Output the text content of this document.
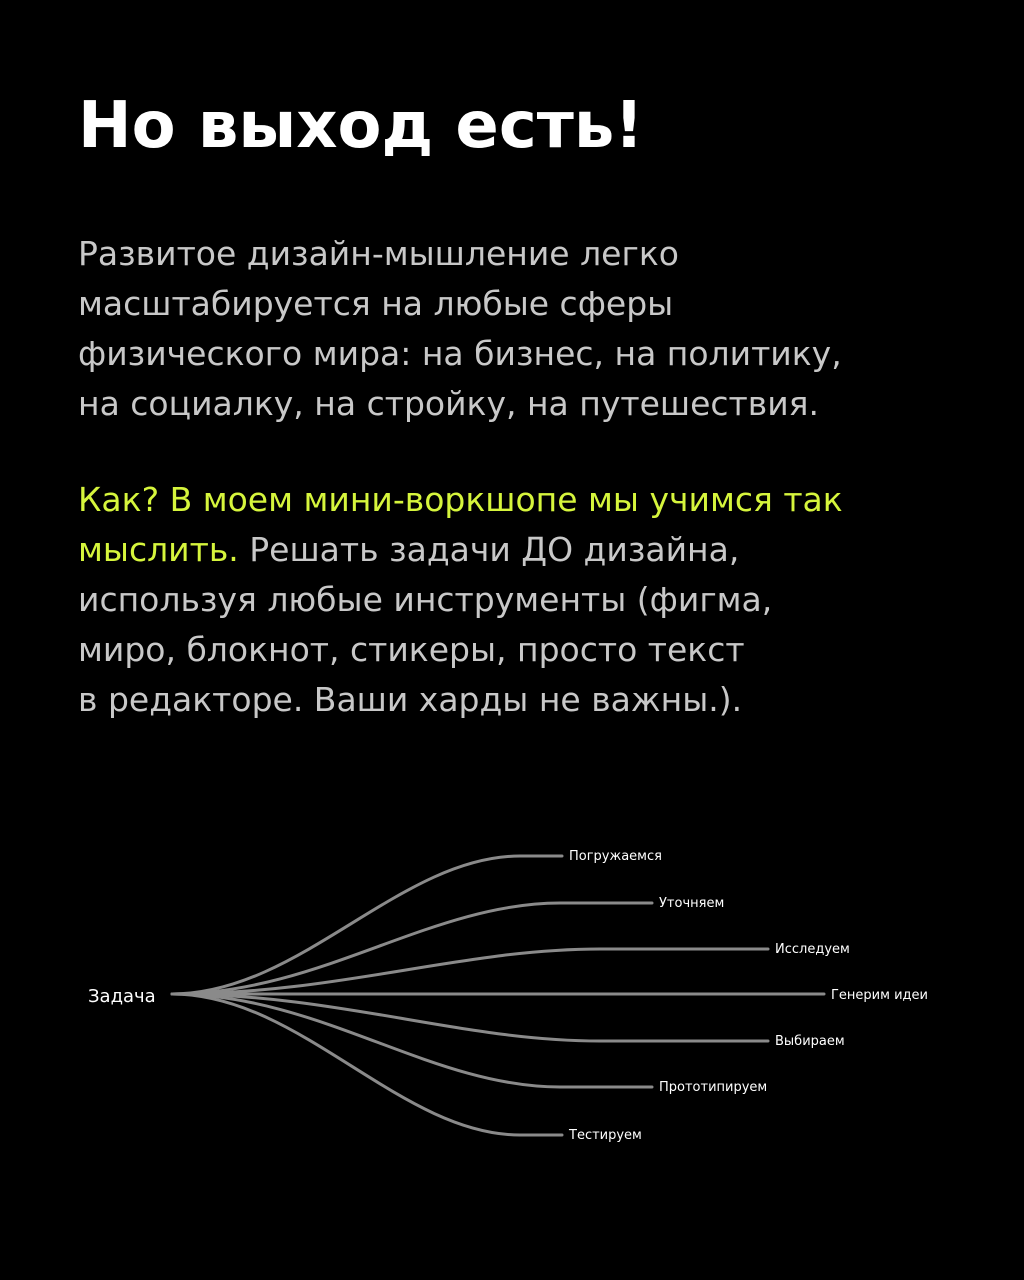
Но выход есть!

Развитое дизайн-мышление легко
масштабируется на любые сферы
физического мира: на бизнес, на политику,
на социалку, на стройку, на путешествия.

Как? В моем мини-воркшопе мы учимся так
мыслить. Решать задачи ДО дизайна,
используя любые инструменты (фигма,
миро, блокнот, стикеры, просто текст
в редакторе. Ваши харды не важны.).

Задача

Погружаемся

Уточняем

Исследуем

Генерим идеи

Выбираем

Прототипируем

Тестируем
